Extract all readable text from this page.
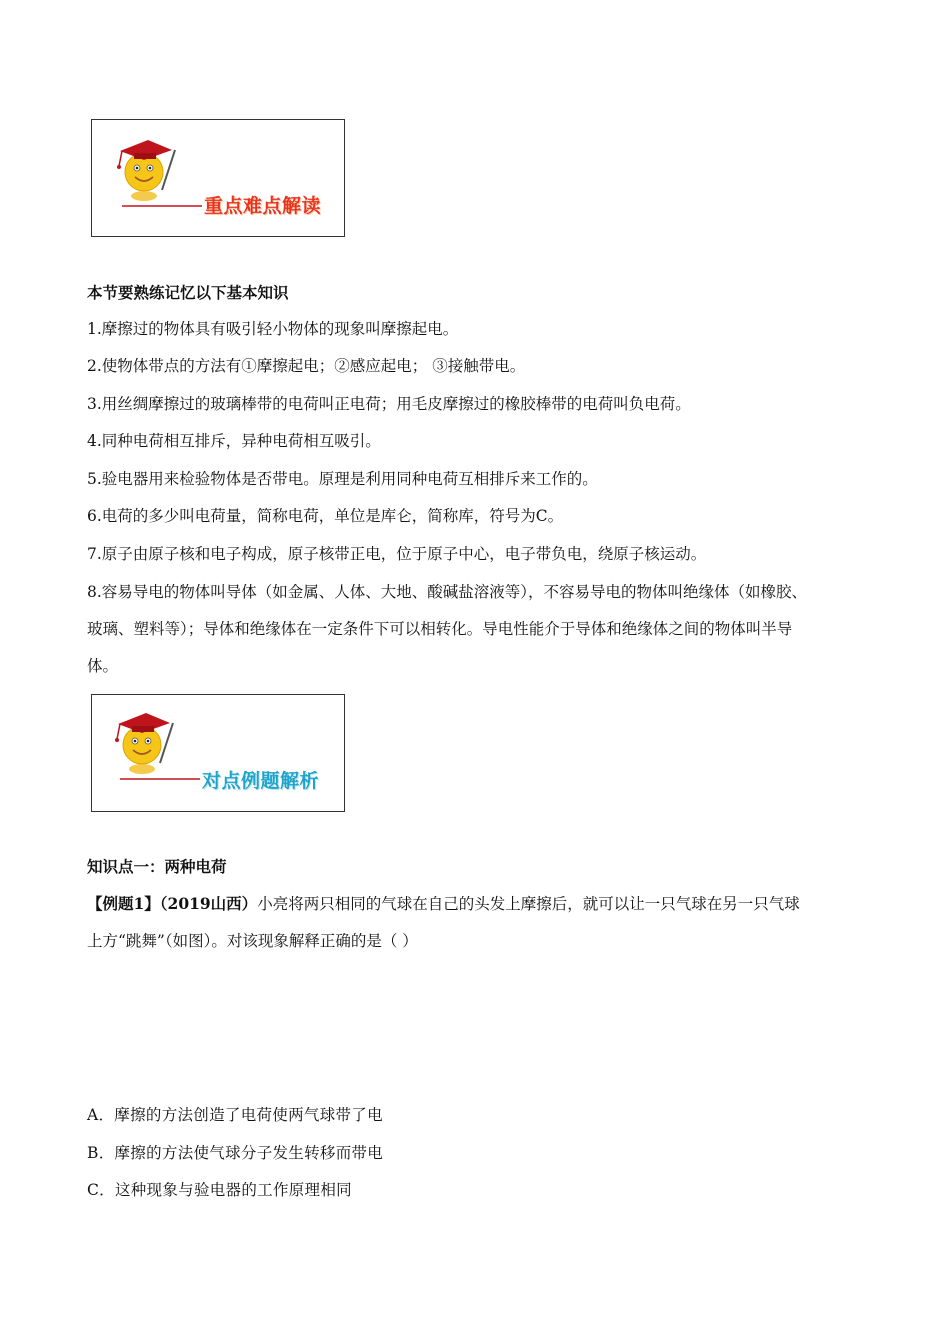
重点难点解读
本节要熟练记忆以下基本知识
1.摩擦过的物体具有吸引轻小物体的现象叫摩擦起电。
2.使物体带点的方法有①摩擦起电；②感应起电； ③接触带电。
3.用丝绸摩擦过的玻璃棒带的电荷叫正电荷；用毛皮摩擦过的橡胶棒带的电荷叫负电荷。
4.同种电荷相互排斥，异种电荷相互吸引。
5.验电器用来检验物体是否带电。原理是利用同种电荷互相排斥来工作的。
6.电荷的多少叫电荷量，简称电荷，单位是库仑，简称库，符号为C。
7.原子由原子核和电子构成，原子核带正电，位于原子中心，电子带负电，绕原子核运动。
8.容易导电的物体叫导体（如金属、人体、大地、酸碱盐溶液等），不容易导电的物体叫绝缘体（如橡胶、
玻璃、塑料等）；导体和绝缘体在一定条件下可以相转化。导电性能介于导体和绝缘体之间的物体叫半导
体。
对点例题解析
知识点一：两种电荷
【例题1】（2019山西）小亮将两只相同的气球在自己的头发上摩擦后，就可以让一只气球在另一只气球
上方“跳舞”（如图）。对该现象解释正确的是（ ）
A．摩擦的方法创造了电荷使两气球带了电
B．摩擦的方法使气球分子发生转移而带电
C．这种现象与验电器的工作原理相同
